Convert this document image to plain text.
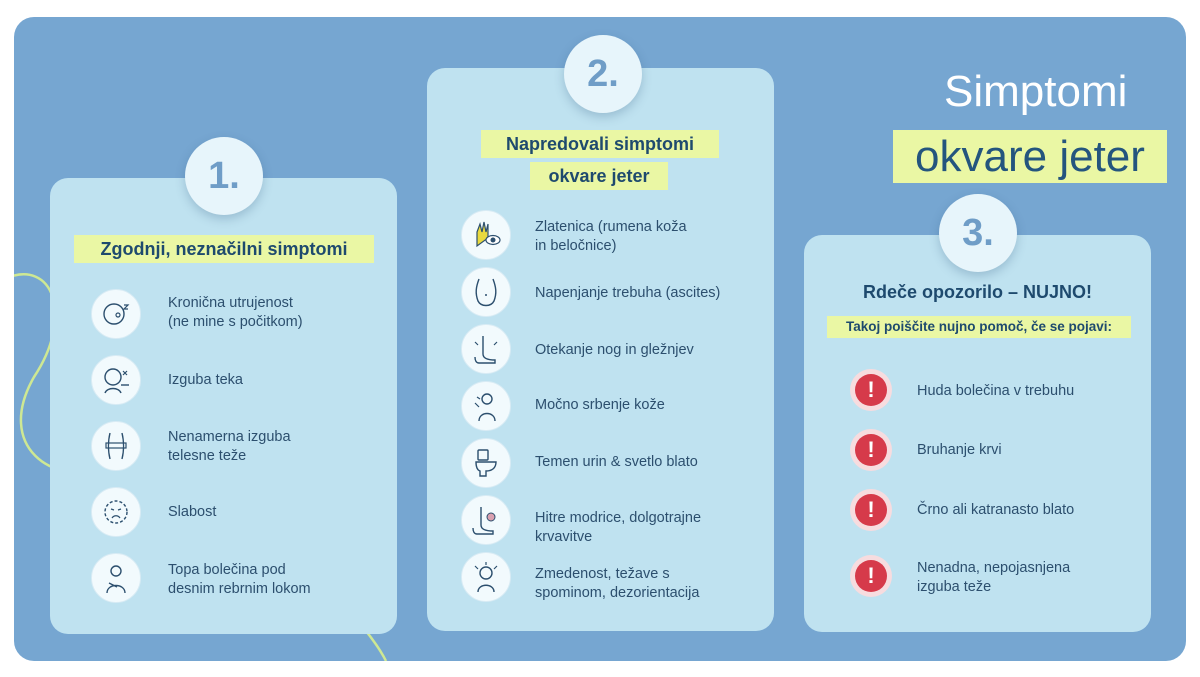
1.
Zgodnji, neznačilni simptomi
Kronična utrujenost
(ne mine s počitkom)
Izguba teka
Nenamerna izguba
telesne teže
Slabost
Topa bolečina pod
desnim rebrnim lokom
2.
Napredovali simptomi
okvare jeter
Zlatenica (rumena koža
in beločnice)
Napenjanje trebuha (ascites)
Otekanje nog in gležnjev
Močno srbenje kože
Temen urin & svetlo blato
Hitre modrice, dolgotrajne
krvavitve
Zmedenost, težave s
spominom, dezorientacija
Simptomi
okvare jeter
3.
Rdeče opozorilo – NUJNO!
Takoj poiščite nujno pomoč, če se pojavi:
!	Huda bolečina v trebuhu
!	Bruhanje krvi
!	Črno ali katranasto blato
!	Nenadna, nepojasnjena
izguba teže
